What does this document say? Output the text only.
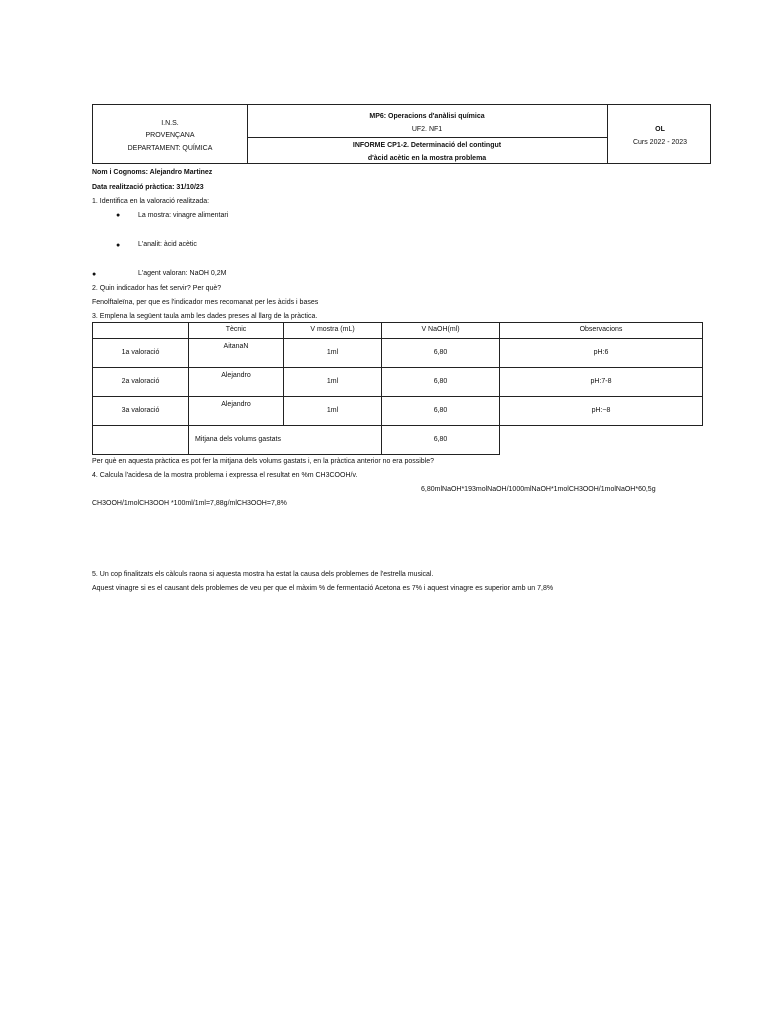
I.N.S.
PROVENÇANA
DEPARTAMENT: QUÍMICA
MP6: Operacions d'anàlisi química
UF2. NF1
INFORME CP1-2. Determinació del contingut
d'àcid acètic en la mostra problema
OL
Curs 2022 - 2023
Nom i Cognoms: Alejandro Martinez
Data realització pràctica: 31/10/23
1. Identifica en la valoració realitzada:
●	La mostra: vinagre alimentari
●	L'analit: àcid acètic
●	L'agent valoran: NaOH 0,2M
2. Quin indicador has fet servir? Per què?
Fenolftaleïna, per que es l'indicador mes recomanat per les àcids i bases
3. Emplena la següent taula amb les dades preses al llarg de la pràctica.
	Tècnic	V mostra (mL)	V NaOH(ml)	Observacions
1a valoració	AitanaN	1ml	6,80	pH:6
2a valoració	Alejandro	1ml	6,80	pH:7-8
3a valoració	Alejandro	1ml	6,80	pH:~8
	Mitjana dels volums gastats		6,80	
Per què en aquesta pràctica es pot fer la mitjana dels volums gastats i, en la pràctica anterior no era possible?
4. Calcula l'acidesa de la mostra problema i expressa el resultat en %m CH3COOH/v.
6,80mlNaOH*193molNaOH/1000mlNaOH*1molCH3OOH/1molNaOH*60,5g
CH3OOH/1molCH3OOH *100ml/1ml=7,88g/mlCH3OOH=7,8%
5. Un cop finalitzats els càlculs raona si aquesta mostra ha estat la causa dels problemes de l'estrella musical.
Aquest vinagre si es el causant dels problemes de veu per que el màxim % de fermentació Acetona es 7% i aquest vinagre es superior amb un 7,8%
